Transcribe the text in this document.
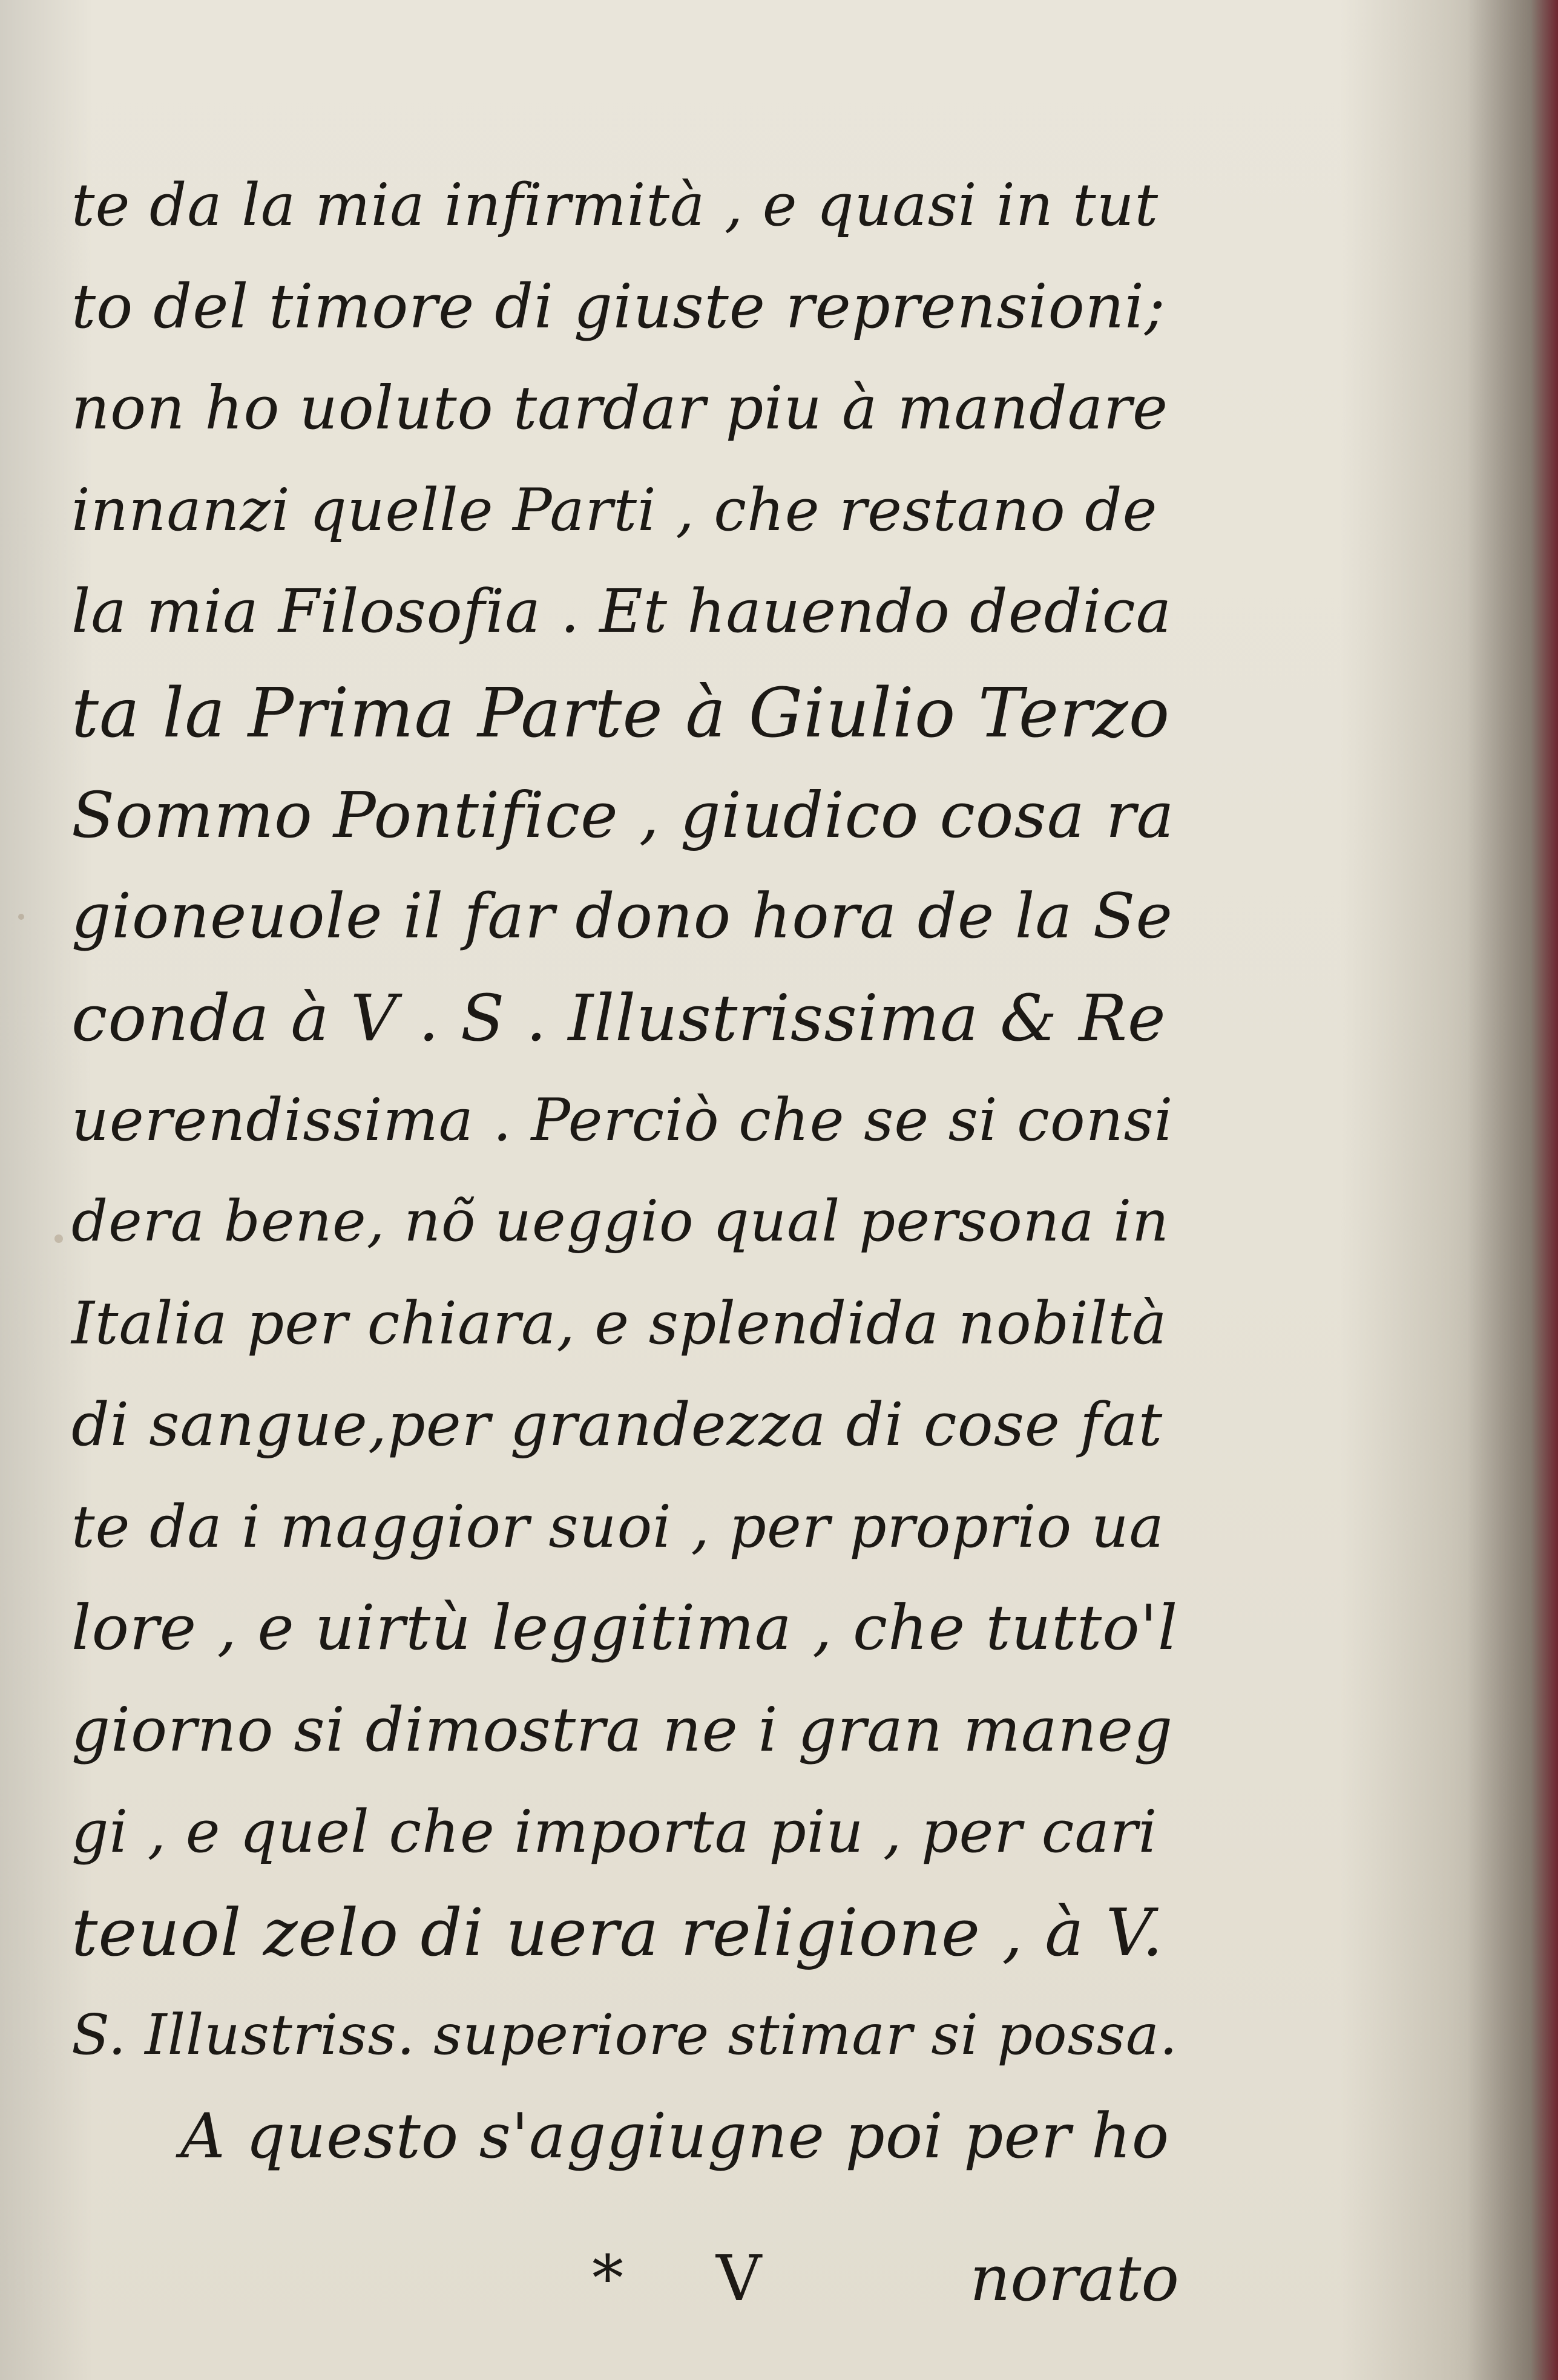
te da la mia infirmità , e quasi in tut
to del timore di giuste reprensioni;
non ho uoluto tardar piu à mandare
innanzi quelle Parti , che restano de
la mia Filosofia . Et hauendo dedica
ta la Prima Parte à Giulio Terzo
Sommo Pontifice , giudico cosa ra
gioneuole il far dono hora de la Se
conda à V . S . Illustrissima & Re
uerendissima . Perciò che se si consi
dera bene, nõ ueggio qual persona in
Italia per chiara, e splendida nobiltà
di sangue,per grandezza di cose fat
te da i maggior suoi , per proprio ua
lore , e uirtù leggitima , che tutto'l
giorno si dimostra ne i gran maneg
gi , e quel che importa piu , per cari
teuol zelo di uera religione , à V.
S. Illustriss. superiore stimar si possa.
A questo s'aggiugne poi per ho
* V	norato
